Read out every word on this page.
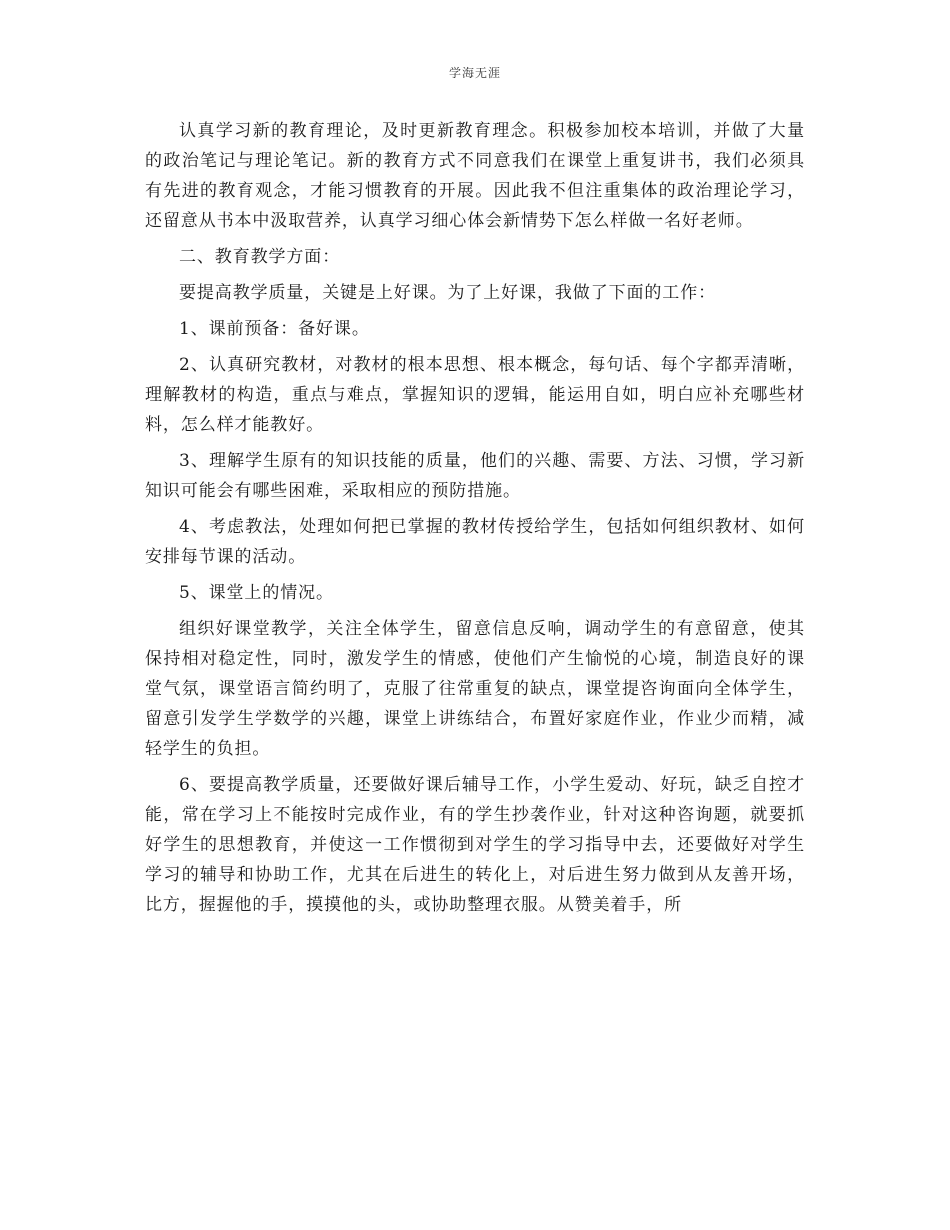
学海无涯

认真学习新的教育理论，及时更新教育理念。积极参加校本培训，并做了大量的政治笔记与理论笔记。新的教育方式不同意我们在课堂上重复讲书，我们必须具有先进的教育观念，才能习惯教育的开展。因此我不但注重集体的政治理论学习，还留意从书本中汲取营养，认真学习细心体会新情势下怎么样做一名好老师。

二、教育教学方面：

要提高教学质量，关键是上好课。为了上好课，我做了下面的工作：

1、课前预备：备好课。

2、认真研究教材，对教材的根本思想、根本概念，每句话、每个字都弄清晰，理解教材的构造，重点与难点，掌握知识的逻辑，能运用自如，明白应补充哪些材料，怎么样才能教好。

3、理解学生原有的知识技能的质量，他们的兴趣、需要、方法、习惯，学习新知识可能会有哪些困难，采取相应的预防措施。

4、考虑教法，处理如何把已掌握的教材传授给学生，包括如何组织教材、如何安排每节课的活动。

5、课堂上的情况。

组织好课堂教学，关注全体学生，留意信息反响，调动学生的有意留意，使其保持相对稳定性，同时，激发学生的情感，使他们产生愉悦的心境，制造良好的课堂气氛，课堂语言简约明了，克服了往常重复的缺点，课堂提咨询面向全体学生，留意引发学生学数学的兴趣，课堂上讲练结合，布置好家庭作业，作业少而精，减轻学生的负担。

6、要提高教学质量，还要做好课后辅导工作，小学生爱动、好玩，缺乏自控才能，常在学习上不能按时完成作业，有的学生抄袭作业，针对这种咨询题，就要抓好学生的思想教育，并使这一工作惯彻到对学生的学习指导中去，还要做好对学生学习的辅导和协助工作，尤其在后进生的转化上，对后进生努力做到从友善开场，比方，握握他的手，摸摸他的头，或协助整理衣服。从赞美着手，所
